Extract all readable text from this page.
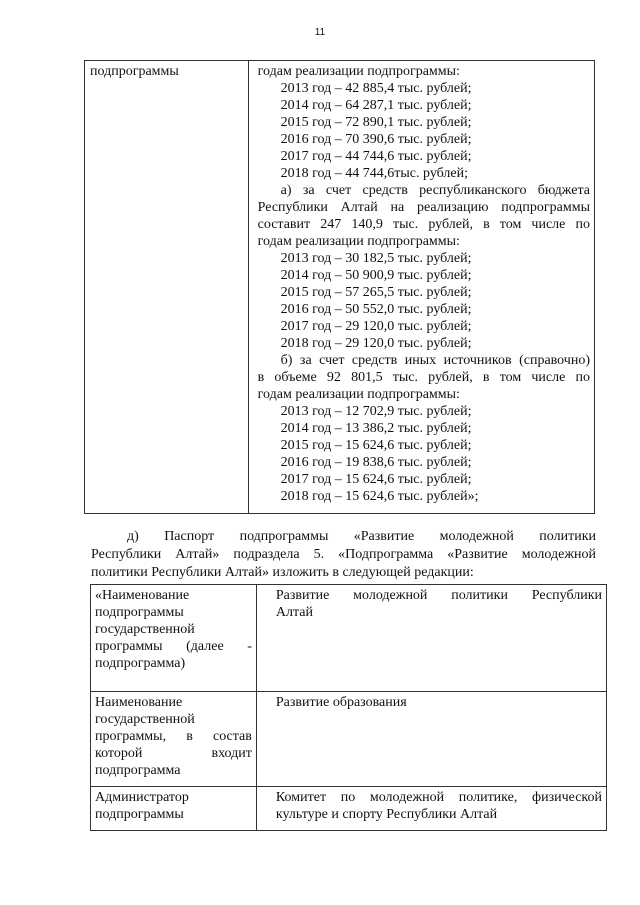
11
подпрограммы	годам реализации подпрограммы:
2013 год – 42 885,4 тыс. рублей;
2014 год – 64 287,1 тыс. рублей;
2015 год – 72 890,1 тыс. рублей;
2016 год – 70 390,6 тыс. рублей;
2017 год – 44 744,6 тыс. рублей;
2018 год – 44 744,6тыс. рублей;
а) за счет средств республиканского бюджета
Республики Алтай на реализацию подпрограммы
составит 247 140,9 тыс. рублей, в том числе по
годам реализации подпрограммы:
2013 год – 30 182,5 тыс. рублей;
2014 год – 50 900,9 тыс. рублей;
2015 год – 57 265,5 тыс. рублей;
2016 год – 50 552,0 тыс. рублей;
2017 год – 29 120,0 тыс. рублей;
2018 год – 29 120,0 тыс. рублей;
б) за счет средств иных источников (справочно)
в объеме 92 801,5 тыс. рублей, в том числе по
годам реализации подпрограммы:
2013 год – 12 702,9 тыс. рублей;
2014 год – 13 386,2 тыс. рублей;
2015 год – 15 624,6 тыс. рублей;
2016 год – 19 838,6 тыс. рублей;
2017 год – 15 624,6 тыс. рублей;
2018 год – 15 624,6 тыс. рублей»;
д) Паспорт подпрограммы «Развитие молодежной политики
Республики Алтай» подраздела 5. «Подпрограмма «Развитие молодежной
политики Республики Алтай» изложить в следующей редакции:
«Наименование
подпрограммы
государственной
программы (далее -
подпрограмма)	Развитие молодежной политики Республики
Алтай

Наименование
государственной
программы, в состав
которой входит
подпрограмма	Развитие образования

Администратор
подпрограммы	Комитет по молодежной политике, физической
культуре и спорту Республики Алтай
